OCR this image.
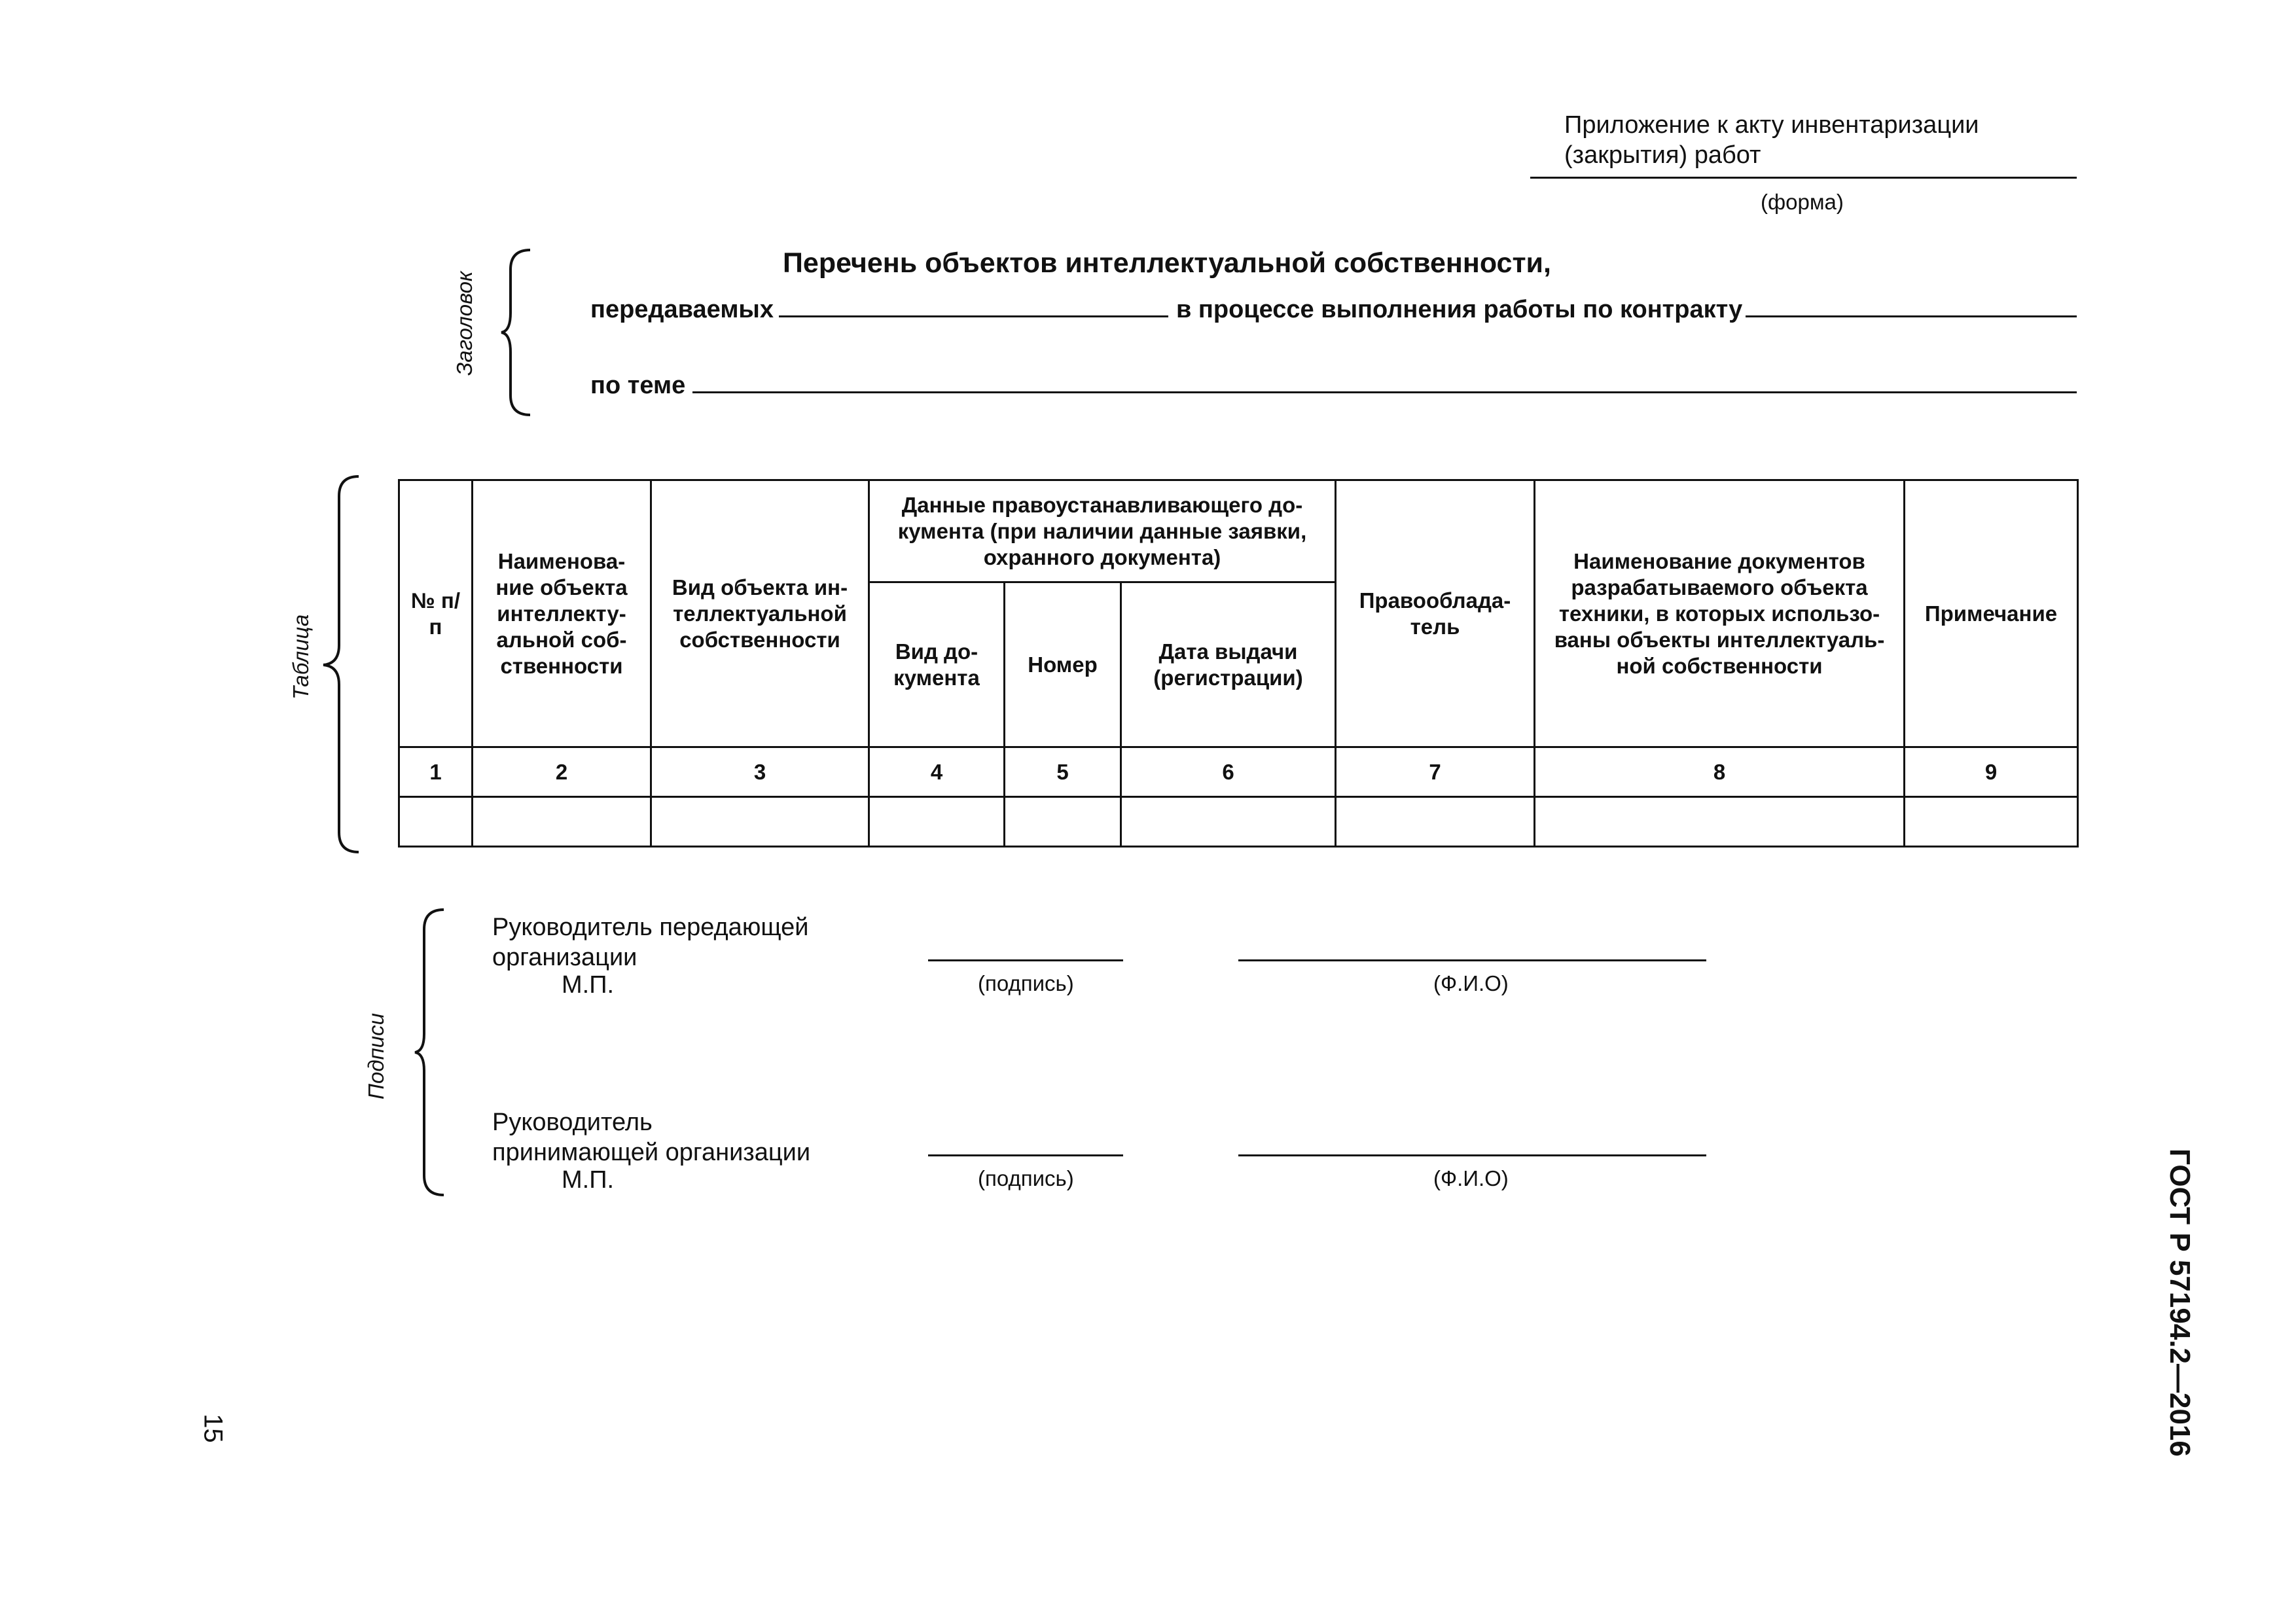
Приложение к акту инвентаризации
(закрытия) работ
(форма)
Заголовок
Перечень объектов интеллектуальной собственности,
передаваемых	в процессе выполнения работы по контракту
по теме
Таблица
№ п/п	Наименова-ние объекта интеллекту-альной соб-ственности	Вид объекта ин-теллектуальной собственности	Данные правоустанавливающего до-кумента (при наличии данные заявки, охранного документа)			Правооблада-тель	Наименование документов разрабатываемого объекта техники, в которых использо-ваны объекты интеллектуаль-ной собственности	Примечание
			Вид до-кумента	Номер	Дата выдачи (регистрации)			
1	2	3	4	5	6	7	8	9

Подписи
Руководитель передающей
организации
М.П.	(подпись)	(Ф.И.О)
Руководитель
принимающей организации
М.П.	(подпись)	(Ф.И.О)	ГОСТ Р 57194.2—2016
15
